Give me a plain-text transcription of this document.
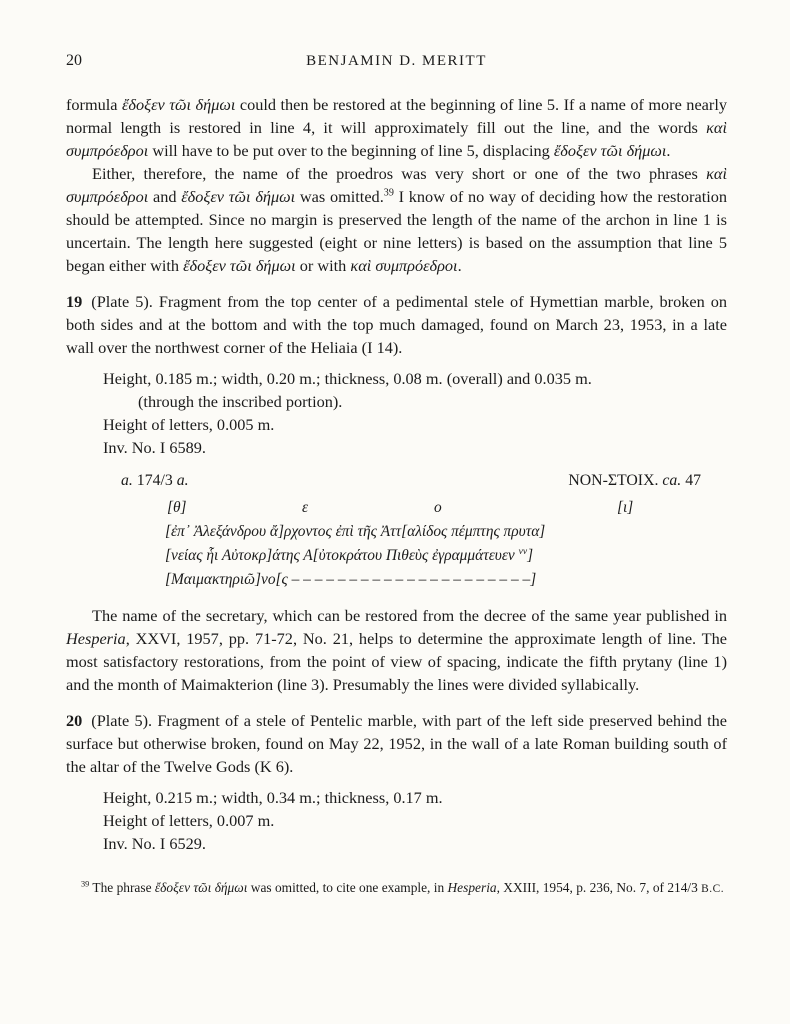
20	BENJAMIN D. MERITT

formula ἔδοξεν τῶι δήμωι could then be restored at the beginning of line 5. If a name of more nearly normal length is restored in line 4, it will approximately fill out the line, and the words καὶ συμπρόεδροι will have to be put over to the beginning of line 5, displacing ἔδοξεν τῶι δήμωι.

Either, therefore, the name of the proedros was very short or one of the two phrases καὶ συμπρόεδροι and ἔδοξεν τῶι δήμωι was omitted.$^{39}$ I know of no way of deciding how the restoration should be attempted. Since no margin is preserved the length of the name of the archon in line 1 is uncertain. The length here suggested (eight or nine letters) is based on the assumption that line 5 began either with ἔδοξεν τῶι δήμωι or with καὶ συμπρόεδροι.

19 (Plate 5). Fragment from the top center of a pedimental stele of Hymettian marble, broken on both sides and at the bottom and with the top much damaged, found on March 23, 1953, in a late wall over the northwest corner of the Heliaia (I 14).

Height, 0.185 m.; width, 0.20 m.; thickness, 0.08 m. (overall) and 0.035 m.
(through the inscribed portion).
Height of letters, 0.005 m.
Inv. No. I 6589.
a. 174/3 a.	NON-ΣΤΟΙΧ. ca. 47
[θ]	ε	ο	[ι]
[ἐπ᾽ Ἀλεξάνδρου ἄ]ρχοντος ἐπὶ τῆς Ἀττ[αλίδος πέμπτης πρυτα]
[νείας ἧι Αὐτοκρ]άτης Α[ὐτοκράτου Πιθεὺς ἐγραμμάτευεν $^{vv}$]
[Μαιμακτηριῶ]νο[ς – – – – – – – – – – – – – – – – – – – – –]

The name of the secretary, which can be restored from the decree of the same year published in Hesperia, XXVI, 1957, pp. 71-72, No. 21, helps to determine the approximate length of line. The most satisfactory restorations, from the point of view of spacing, indicate the fifth prytany (line 1) and the month of Maimakterion (line 3). Presumably the lines were divided syllabically.

20 (Plate 5). Fragment of a stele of Pentelic marble, with part of the left side preserved behind the surface but otherwise broken, found on May 22, 1952, in the wall of a late Roman building south of the altar of the Twelve Gods (K 6).

Height, 0.215 m.; width, 0.34 m.; thickness, 0.17 m.
Height of letters, 0.007 m.
Inv. No. I 6529.

$^{39}$ The phrase ἔδοξεν τῶι δήμωι was omitted, to cite one example, in Hesperia, XXIII, 1954, p. 236, No. 7, of 214/3 B.C.
